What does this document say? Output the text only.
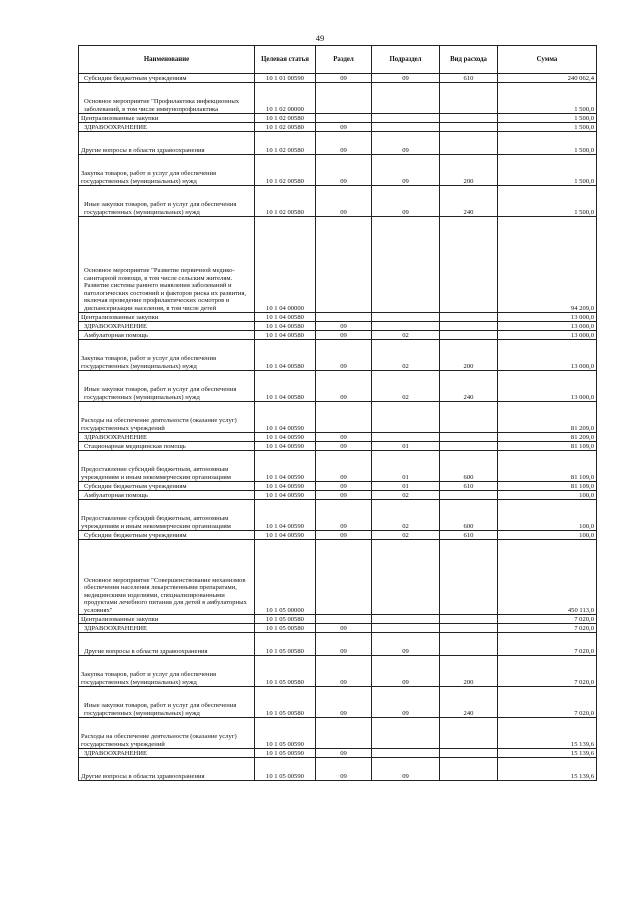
49
Наименование	Целевая статья	Раздел	Подраздел	Вид расхода	Сумма
Субсидии бюджетным учреждениям	10 1 01 00590	09	09	610	240 062,4
Основное мероприятие "Профилактика инфекционных заболеваний, в том числе иммунопрофилактика	10 1 02 00000				1 500,0
Централизованные закупки	10 1 02 00580				1 500,0
ЗДРАВООХРАНЕНИЕ	10 1 02 00580	09			1 500,0
Другие вопросы в области здравоохранения	10 1 02 00580	09	09		1 500,0
Закупка товаров, работ и услуг для обеспечения государственных (муниципальных) нужд	10 1 02 00580	09	09	200	1 500,0
Иные закупки товаров, работ и услуг для обеспечения государственных (муниципальных) нужд	10 1 02 00580	09	09	240	1 500,0
Основное мероприятие "Развитие первичной медико-санитарной помощи, в том числе сельским жителям. Развитие системы раннего выявления заболеваний и патологических состояний и факторов риска их развития, включая проведение профилактических осмотров и диспансеризации населения, в том числе детей	10 1 04 00000				94 209,0
Централизованные закупки	10 1 04 00580				13 000,0
ЗДРАВООХРАНЕНИЕ	10 1 04 00580	09			13 000,0
Амбулаторная помощь	10 1 04 00580	09	02		13 000,0
Закупка товаров, работ и услуг для обеспечения государственных (муниципальных) нужд	10 1 04 00580	09	02	200	13 000,0
Иные закупки товаров, работ и услуг для обеспечения государственных (муниципальных) нужд	10 1 04 00580	09	02	240	13 000,0
Расходы на обеспечение деятельности (оказание услуг) государственных учреждений	10 1 04 00590				81 209,0
ЗДРАВООХРАНЕНИЕ	10 1 04 00590	09			81 209,0
Стационарная медицинская помощь	10 1 04 00590	09	01		81 109,0
Предоставление субсидий бюджетным, автономным учреждениям и иным некоммерческим организациям	10 1 04 00590	09	01	600	81 109,0
Субсидии бюджетным учреждениям	10 1 04 00590	09	01	610	81 109,0
Амбулаторная помощь	10 1 04 00590	09	02		100,0
Предоставление субсидий бюджетным, автономным учреждениям и иным некоммерческим организациям	10 1 04 00590	09	02	600	100,0
Субсидии бюджетным учреждениям	10 1 04 00590	09	02	610	100,0
Основное мероприятие "Совершенствование механизмов обеспечения населения лекарственными препаратами, медицинскими изделиями, специализированными продуктами лечебного питания для детей в амбулаторных условиях"	10 1 05 00000				450 113,0
Централизованные закупки	10 1 05 00580				7 020,0
ЗДРАВООХРАНЕНИЕ	10 1 05 00580	09			7 020,0
Другие вопросы в области здравоохранения	10 1 05 00580	09	09		7 020,0
Закупка товаров, работ и услуг для обеспечения государственных (муниципальных) нужд	10 1 05 00580	09	09	200	7 020,0
Иные закупки товаров, работ и услуг для обеспечения государственных (муниципальных) нужд	10 1 05 00580	09	09	240	7 020,0
Расходы на обеспечение деятельности (оказание услуг) государственных учреждений	10 1 05 00590				15 139,6
ЗДРАВООХРАНЕНИЕ	10 1 05 00590	09			15 139,6
Другие вопросы в области здравоохранения	10 1 05 00590	09	09		15 139,6
